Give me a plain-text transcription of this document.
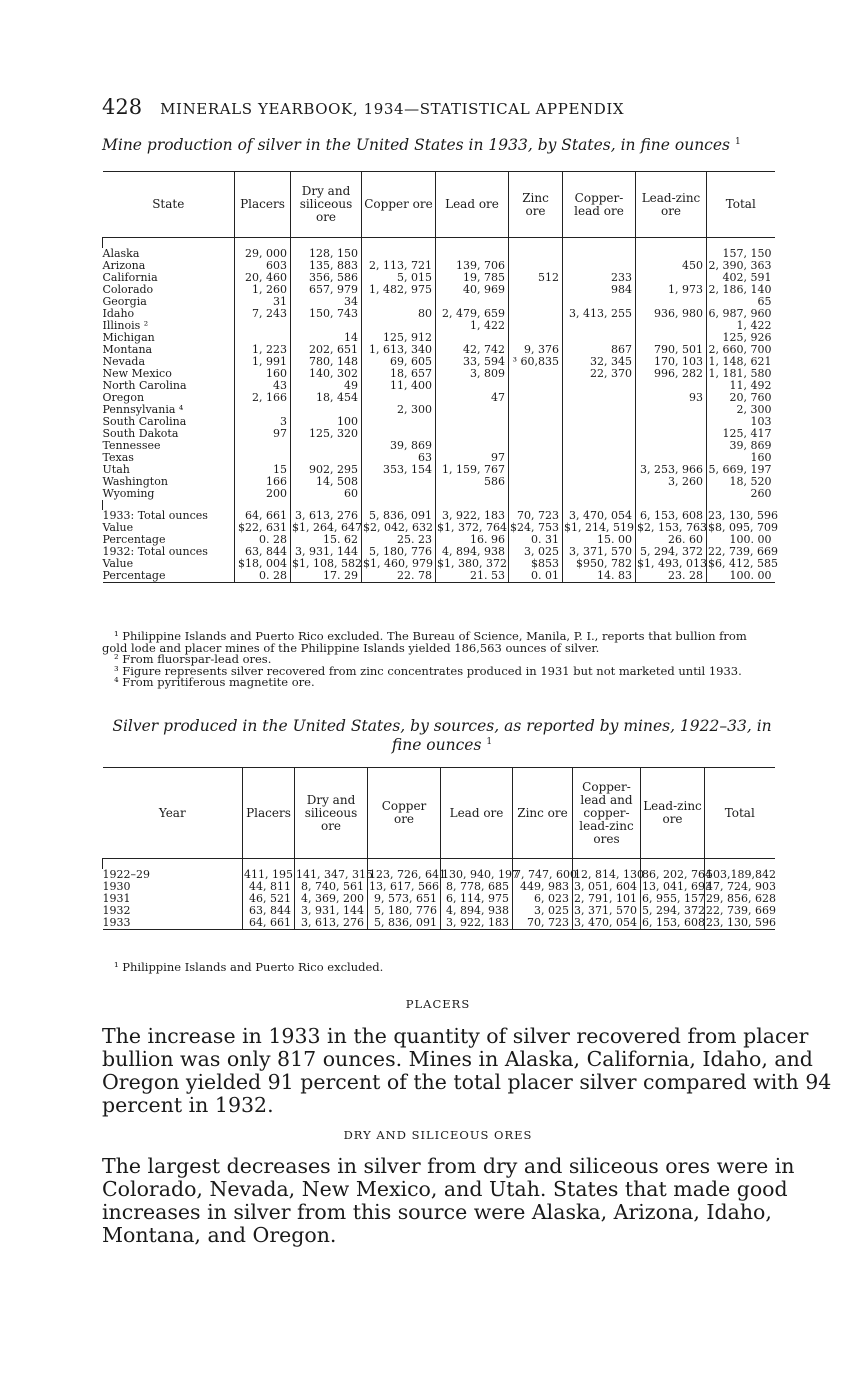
428 MINERALS YEARBOOK, 1934—STATISTICAL APPENDIX
Mine production of silver in the United States in 1933, by States, in fine ounces $^1$
State	Placers	Dry and siliceous ore	Copper ore	Lead ore	Zinc ore	Copper-lead ore	Lead-zinc ore	Total

Alaska	29, 000	128, 150						157, 150
Arizona	603	135, 883	2, 113, 721	139, 706			450	2, 390, 363
California	20, 460	356, 586	5, 015	19, 785	512	233		402, 591
Colorado	1, 260	657, 979	1, 482, 975	40, 969		984	1, 973	2, 186, 140
Georgia	31	34						65
Idaho	7, 243	150, 743	80	2, 479, 659		3, 413, 255	936, 980	6, 987, 960
Illinois ²				1, 422				1, 422
Michigan		14	125, 912					125, 926
Montana	1, 223	202, 651	1, 613, 340	42, 742	9, 376	867	790, 501	2, 660, 700
Nevada	1, 991	780, 148	69, 605	33, 594	³ 60,835	32, 345	170, 103	1, 148, 621
New Mexico	160	140, 302	18, 657	3, 809		22, 370	996, 282	1, 181, 580
North Carolina	43	49	11, 400					11, 492
Oregon	2, 166	18, 454		47			93	20, 760
Pennsylvania ⁴			2, 300					2, 300
South Carolina	3	100						103
South Dakota	97	125, 320						125, 417
Tennessee			39, 869					39, 869
Texas			63	97				160
Utah	15	902, 295	353, 154	1, 159, 767			3, 253, 966	5, 669, 197
Washington	166	14, 508		586			3, 260	18, 520
Wyoming	200	60						260

1933: Total ounces	64, 661	3, 613, 276	5, 836, 091	3, 922, 183	70, 723	3, 470, 054	6, 153, 608	23, 130, 596
Value	$22, 631	$1, 264, 647	$2, 042, 632	$1, 372, 764	$24, 753	$1, 214, 519	$2, 153, 763	$8, 095, 709
Percentage	0. 28	15. 62	25. 23	16. 96	0. 31	15. 00	26. 60	100. 00
1932: Total ounces	63, 844	3, 931, 144	5, 180, 776	4, 894, 938	3, 025	3, 371, 570	5, 294, 372	22, 739, 669
Value	$18, 004	$1, 108, 582	$1, 460, 979	$1, 380, 372	$853	$950, 782	$1, 493, 013	$6, 412, 585
Percentage	0. 28	17. 29	22. 78	21. 53	0. 01	14. 83	23. 28	100. 00

¹ Philippine Islands and Puerto Rico excluded. The Bureau of Science, Manila, P. I., reports that bullion from gold lode and placer mines of the Philippine Islands yielded 186,563 ounces of silver.

² From fluorspar-lead ores.

³ Figure represents silver recovered from zinc concentrates produced in 1931 but not marketed until 1933.

⁴ From pyritiferous magnetite ore.

Silver produced in the United States, by sources, as reported by mines, 1922–33, in
fine ounces $^1$
Year	Placers	Dry and siliceous ore	Copper ore	Lead ore	Zinc ore	Copper-lead and copper-lead-zinc ores	Lead-zinc ore	Total

1922–29	411, 195	141, 347, 315	123, 726, 641	130, 940, 197	7, 747, 600	12, 814, 130	86, 202, 764	503,189,842
1930	44, 811	8, 740, 561	13, 617, 566	8, 778, 685	449, 983	3, 051, 604	13, 041, 693	47, 724, 903
1931	46, 521	4, 369, 200	9, 573, 651	6, 114, 975	6, 023	2, 791, 101	6, 955, 157	29, 856, 628
1932	63, 844	3, 931, 144	5, 180, 776	4, 894, 938	3, 025	3, 371, 570	5, 294, 372	22, 739, 669
1933	64, 661	3, 613, 276	5, 836, 091	3, 922, 183	70, 723	3, 470, 054	6, 153, 608	23, 130, 596

¹ Philippine Islands and Puerto Rico excluded.

PLACERS
The increase in 1933 in the quantity of silver recovered from placer
bullion was only 817 ounces. Mines in Alaska, California, Idaho, and
Oregon yielded 91 percent of the total placer silver compared with 94
percent in 1932.
DRY AND SILICEOUS ORES
The largest decreases in silver from dry and siliceous ores were in
Colorado, Nevada, New Mexico, and Utah. States that made good
increases in silver from this source were Alaska, Arizona, Idaho,
Montana, and Oregon.
